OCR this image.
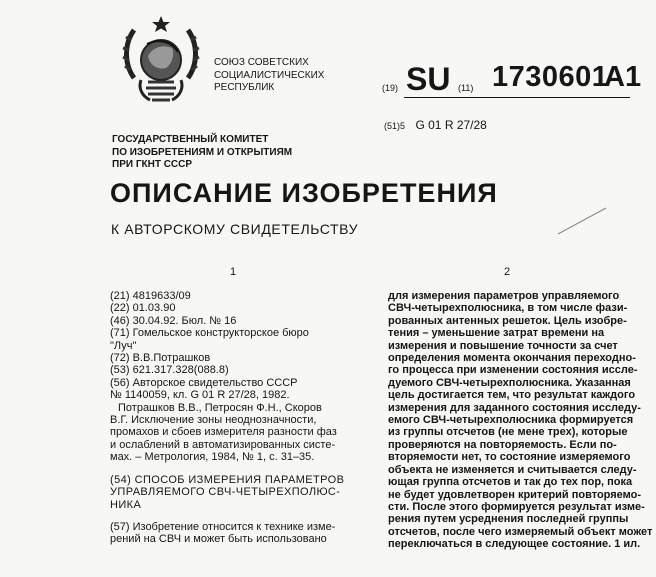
СОЮЗ СОВЕТСКИХ
СОЦИАЛИСТИЧЕСКИХ
РЕСПУБЛИК	(19) SU (11) 1730601
A1
(51)5 G 01 R 27/28
ГОСУДАРСТВЕННЫЙ КОМИТЕТ
ПО ИЗОБРЕТЕНИЯМ И ОТКРЫТИЯМ
ПРИ ГКНТ СССР
ОПИСАНИЕ ИЗОБРЕТЕНИЯ
К АВТОРСКОМУ СВИДЕТЕЛЬСТВУ
1	2
(21) 4819633/09
(22) 01.03.90
(46) 30.04.92. Бюл. № 16
(71) Гомельское конструкторское бюро
"Луч"
(72) В.В.Потрашков
(53) 621.317.328(088.8)
(56) Авторское свидетельство СССР
№ 1140059, кл. G 01 R 27/28, 1982.
Потрашков В.В., Петросян Ф.Н., Скоров
В.Г. Исключение зоны неоднозначности,
промахов и сбоев измерителя разности фаз
и ослаблений в автоматизированных систе-
мах. – Метрология, 1984, № 1, с. 31–35.
(54) СПОСОБ ИЗМЕРЕНИЯ ПАРАМЕТРОВ
УПРАВЛЯЕМОГО СВЧ-ЧЕТЫРЕХПОЛЮС-
НИКА
(57) Изобретение относится к технике изме-
рений на СВЧ и может быть использовано
для измерения параметров управляемого
СВЧ-четырехполюсника, в том числе фази-
рованных антенных решеток. Цель изобре-
тения – уменьшение затрат времени на
измерения и повышение точности за счет
определения момента окончания переходно-
го процесса при изменении состояния иссле-
дуемого СВЧ-четырехполюсника. Указанная
цель достигается тем, что результат каждого
измерения для заданного состояния исследу-
емого СВЧ-четырехполюсника формируется
из группы отсчетов (не мене трех), которые
проверяются на повторяемость. Если по-
вторяемости нет, то состояние измеряемого
объекта не изменяется и считывается следу-
ющая группа отсчетов и так до тех пор, пока
не будет удовлетворен критерий повторяемо-
сти. После этого формируется результат изме-
рения путем усреднения последней группы
отсчетов, после чего измеряемый объект может
переключаться в следующее состояние. 1 ил.
